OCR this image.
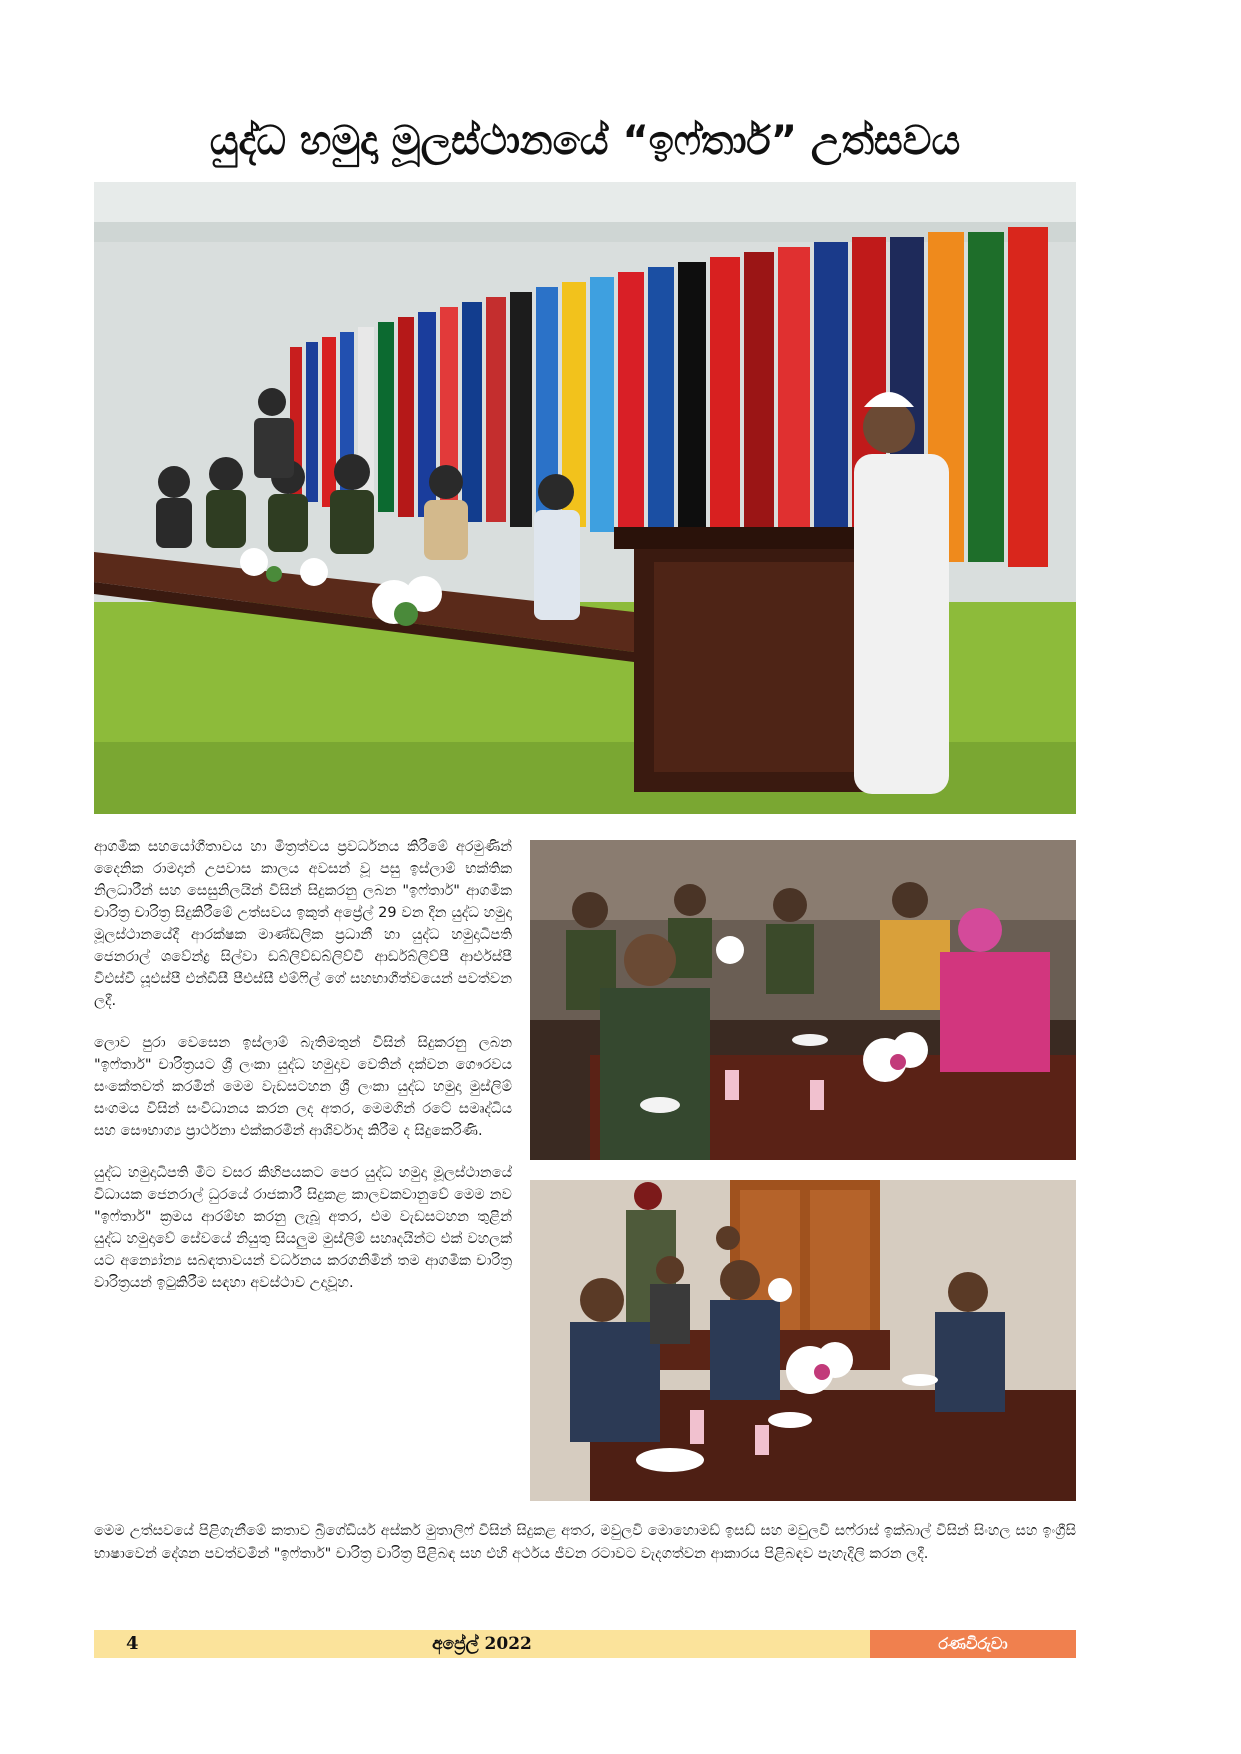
යුද්ධ හමුදා මූලස්ථානයේ “ඉෆ්තාර්” උත්සවය

ආගමික සහයෝගීතාවය හා මිත්‍රත්වය ප්‍රවර්ධනය කිරීමේ අරමුණින් දෛනික රාමදාන් උපවාස කාලය අවසන් වූ පසු ඉස්ලාම් භක්තික නිලධාරීන් සහ සෙසුනිලයින් විසින් සිදුකරනු ලබන "ඉෆ්තාර්" ආගමික චාරිත්‍ර චාරිත්‍ර සිදුකිරීමේ උත්සවය ඉකුත් අප්‍රේල් 29 වන දින යුද්ධ හමුදා මූලස්ථානයේදී ආරක්ෂක මාණ්ඩලික ප්‍රධානී හා යුද්ධ හමුදාධිපති ජෙනරාල් ශවේන්ද්‍ර සිල්වා ඩබ්ලිව්ඩබ්ලිව්වී ආර්ඩබ්ලිව්පී ආර්එස්පී වීඑස්වී යූඑස්පී එන්ඩීසී පීඑස්සී එම්ෆිල් ගේ සහභාගීත්වයෙන් පවත්වන ලදී.

ලොව පුරා වෙසෙන ඉස්ලාම් බැතිමතුන් විසින් සිදුකරනු ලබන "ඉෆ්තාර්" චාරිත්‍රයට ශ්‍රී ලංකා යුද්ධ හමුදාව වෙතින් දක්වන ගෞරවය සංකේතවත් කරමින් මෙම වැඩසටහන ශ්‍රී ලංකා යුද්ධ හමුදා මුස්ලිම් සංගමය විසින් සංවිධානය කරන ලද අතර, මෙමගින් රටේ සමෘද්ධිය සහ සෞභාග්‍ය ප්‍රාර්ථනා එක්කරමින් ආශිර්වාද කිරීම ද සිදුකෙරිණි.

යුද්ධ හමුදාධිපති මීට වසර කිහිපයකට පෙර යුද්ධ හමුදා මූලස්ථානයේ විධායක ජෙනරාල් ධුරයේ රාජකාරී සිදුකළ කාලවකවානුවේ මෙම නව "ඉෆ්තාර්" ක්‍රමය ආරම්භ කරනු ලැබූ අතර, එම වැඩසටහන තුළින් යුද්ධ හමුදාවේ සේවයේ නියුතු සියලුම මුස්ලිම් සහෘදයින්ට එක් වහලක් යට අන්‍යෝන්‍ය සබඳතාවයන් වර්ධනය කරගනිමින් තම ආගමික චාරිත්‍ර වාරිත්‍රයන් ඉටුකිරීම සඳහා අවස්ථාව උදාවූහ.

මෙම උත්සවයේ පිළිගැනීමේ කතාව බ්‍රිගේඩියර් අස්කර් මුතාලිෆ් විසින් සිදුකළ අතර, මවුලවි මොහොමඩ් ඉසඩ් සහ මවුලවි සෆ්රාස් ඉක්බාල් විසින් සිංහල සහ ඉංග්‍රීසි භාෂාවෙන් දේශන පවත්වමින් "ඉෆ්තාර්" චාරිත්‍ර වාරිත්‍ර පිළිබඳ සහ එහි අර්ථය ජීවන රටාවට වැදගත්වන ආකාරය පිළිබඳව පැහැදිලි කරන ලදී.

4	අප්‍රේල් 2022	රණවිරුවා
